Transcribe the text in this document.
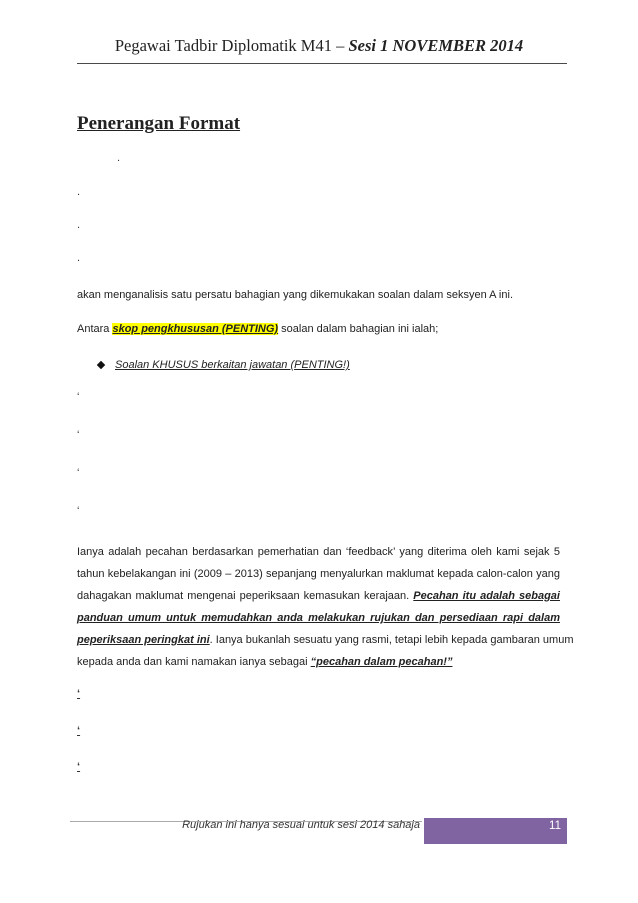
Pegawai Tadbir Diplomatik M41 – Sesi 1 NOVEMBER 2014
Penerangan Format
.
.
.
.
akan menganalisis satu persatu bahagian yang dikemukakan soalan dalam seksyen A ini.
Antara skop pengkhususan (PENTING) soalan dalam bahagian ini ialah;
Soalan KHUSUS berkaitan jawatan (PENTING!)
‘
‘
‘
‘
Ianya adalah pecahan berdasarkan pemerhatian dan ‘feedback’ yang diterima oleh kami sejak 5
tahun kebelakangan ini (2009 – 2013) sepanjang menyalurkan maklumat kepada calon-calon yang
dahagakan maklumat mengenai peperiksaan kemasukan kerajaan. Pecahan itu adalah sebagai
panduan umum untuk memudahkan anda melakukan rujukan dan persediaan rapi dalam
peperiksaan peringkat ini. Ianya bukanlah sesuatu yang rasmi, tetapi lebih kepada gambaran umum
kepada anda dan kami namakan ianya sebagai “pecahan dalam pecahan!”
‘
‘
‘
Rujukan ini hanya sesuai untuk sesi 2014 sahaja	11
